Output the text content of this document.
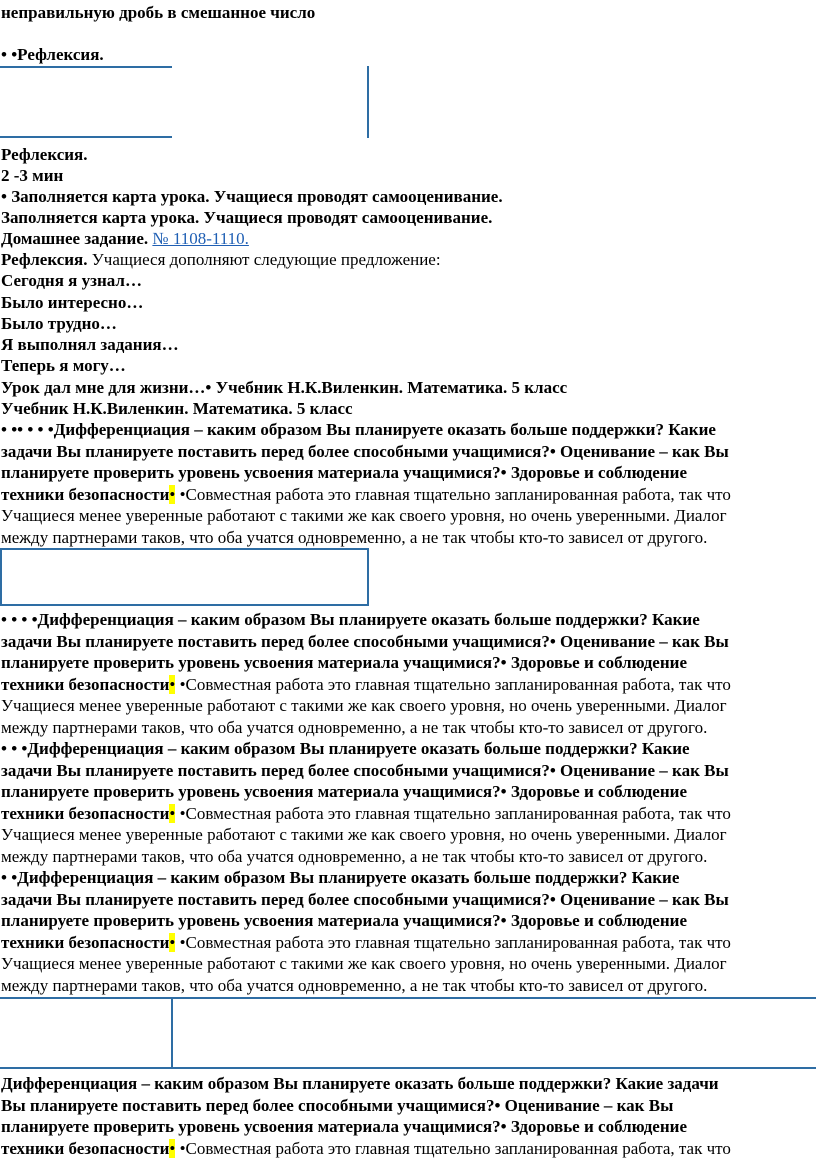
неправильную дробь в смешанное число
• •Рефлексия.
Рефлексия.
2 -3 мин
• Заполняется карта урока. Учащиеся проводят самооценивание.
Заполняется карта урока. Учащиеся проводят самооценивание.
Домашнее задание. № 1108-1110.
Рефлексия. Учащиеся дополняют следующие предложение:
Сегодня я узнал…
Было интересно…
Было трудно…
Я выполнял задания…
Теперь я могу…
Урок дал мне для жизни…• Учебник Н.К.Виленкин. Математика. 5 класс
Учебник Н.К.Виленкин. Математика. 5 класс
• •• • • •Дифференциация – каким образом Вы планируете оказать больше поддержки? Какие
задачи Вы планируете поставить перед более способными учащимися?• Оценивание – как Вы
планируете проверить уровень усвоения материала учащимися?• Здоровье и соблюдение
техники безопасности• •Совместная работа это главная тщательно запланированная работа, так что
Учащиеся менее уверенные работают с такими же как своего уровня, но очень уверенными. Диалог
между партнерами таков, что оба учатся одновременно, а не так чтобы кто-то зависел от другого.
• • • •Дифференциация – каким образом Вы планируете оказать больше поддержки? Какие
задачи Вы планируете поставить перед более способными учащимися?• Оценивание – как Вы
планируете проверить уровень усвоения материала учащимися?• Здоровье и соблюдение
техники безопасности• •Совместная работа это главная тщательно запланированная работа, так что
Учащиеся менее уверенные работают с такими же как своего уровня, но очень уверенными. Диалог
между партнерами таков, что оба учатся одновременно, а не так чтобы кто-то зависел от другого.
• • •Дифференциация – каким образом Вы планируете оказать больше поддержки? Какие
задачи Вы планируете поставить перед более способными учащимися?• Оценивание – как Вы
планируете проверить уровень усвоения материала учащимися?• Здоровье и соблюдение
техники безопасности• •Совместная работа это главная тщательно запланированная работа, так что
Учащиеся менее уверенные работают с такими же как своего уровня, но очень уверенными. Диалог
между партнерами таков, что оба учатся одновременно, а не так чтобы кто-то зависел от другого.
• •Дифференциация – каким образом Вы планируете оказать больше поддержки? Какие
задачи Вы планируете поставить перед более способными учащимися?• Оценивание – как Вы
планируете проверить уровень усвоения материала учащимися?• Здоровье и соблюдение
техники безопасности• •Совместная работа это главная тщательно запланированная работа, так что
Учащиеся менее уверенные работают с такими же как своего уровня, но очень уверенными. Диалог
между партнерами таков, что оба учатся одновременно, а не так чтобы кто-то зависел от другого.
Дифференциация – каким образом Вы планируете оказать больше поддержки? Какие задачи
Вы планируете поставить перед более способными учащимися?• Оценивание – как Вы
планируете проверить уровень усвоения материала учащимися?• Здоровье и соблюдение
техники безопасности• •Совместная работа это главная тщательно запланированная работа, так что
